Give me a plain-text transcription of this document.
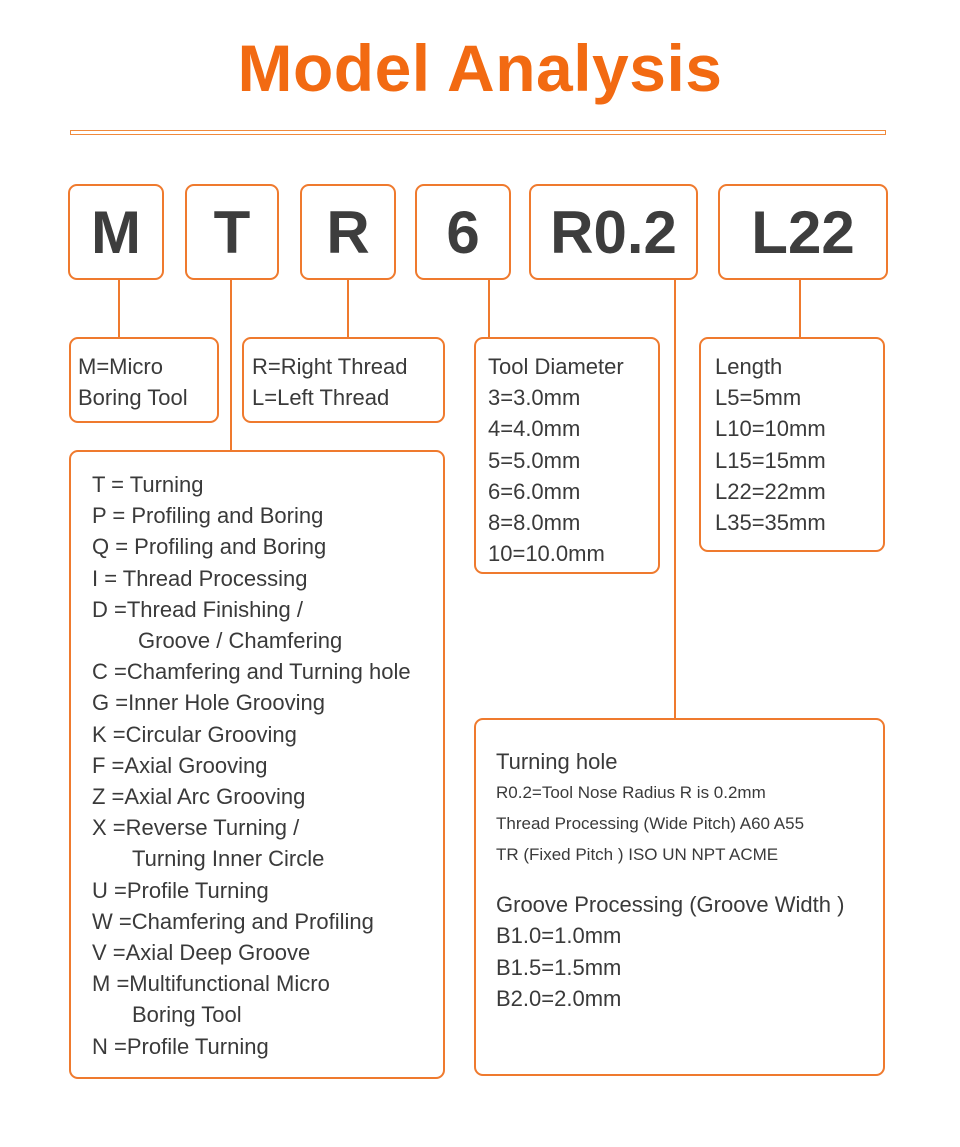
Model Analysis
M	T	R	6	R0.2	L22
M=Micro
Boring Tool
R=Right Thread
L=Left Thread
Tool Diameter
3=3.0mm
4=4.0mm
5=5.0mm
6=6.0mm
8=8.0mm
10=10.0mm
Length
L5=5mm
L10=10mm
L15=15mm
L22=22mm
L35=35mm
T = Turning
P = Profiling and Boring
Q = Profiling and Boring
I = Thread Processing
D =Thread Finishing /
Groove / Chamfering
C =Chamfering and Turning hole
G =Inner Hole Grooving
K =Circular Grooving
F =Axial Grooving
Z =Axial Arc Grooving
X =Reverse Turning /
Turning Inner Circle
U =Profile Turning
W =Chamfering and Profiling
V =Axial Deep Groove
M =Multifunctional Micro
Boring Tool
N =Profile Turning
Turning hole
R0.2=Tool Nose Radius R is 0.2mm
Thread Processing (Wide Pitch) A60 A55
TR (Fixed Pitch ) ISO UN NPT ACME
Groove Processing (Groove Width )
B1.0=1.0mm
B1.5=1.5mm
B2.0=2.0mm
